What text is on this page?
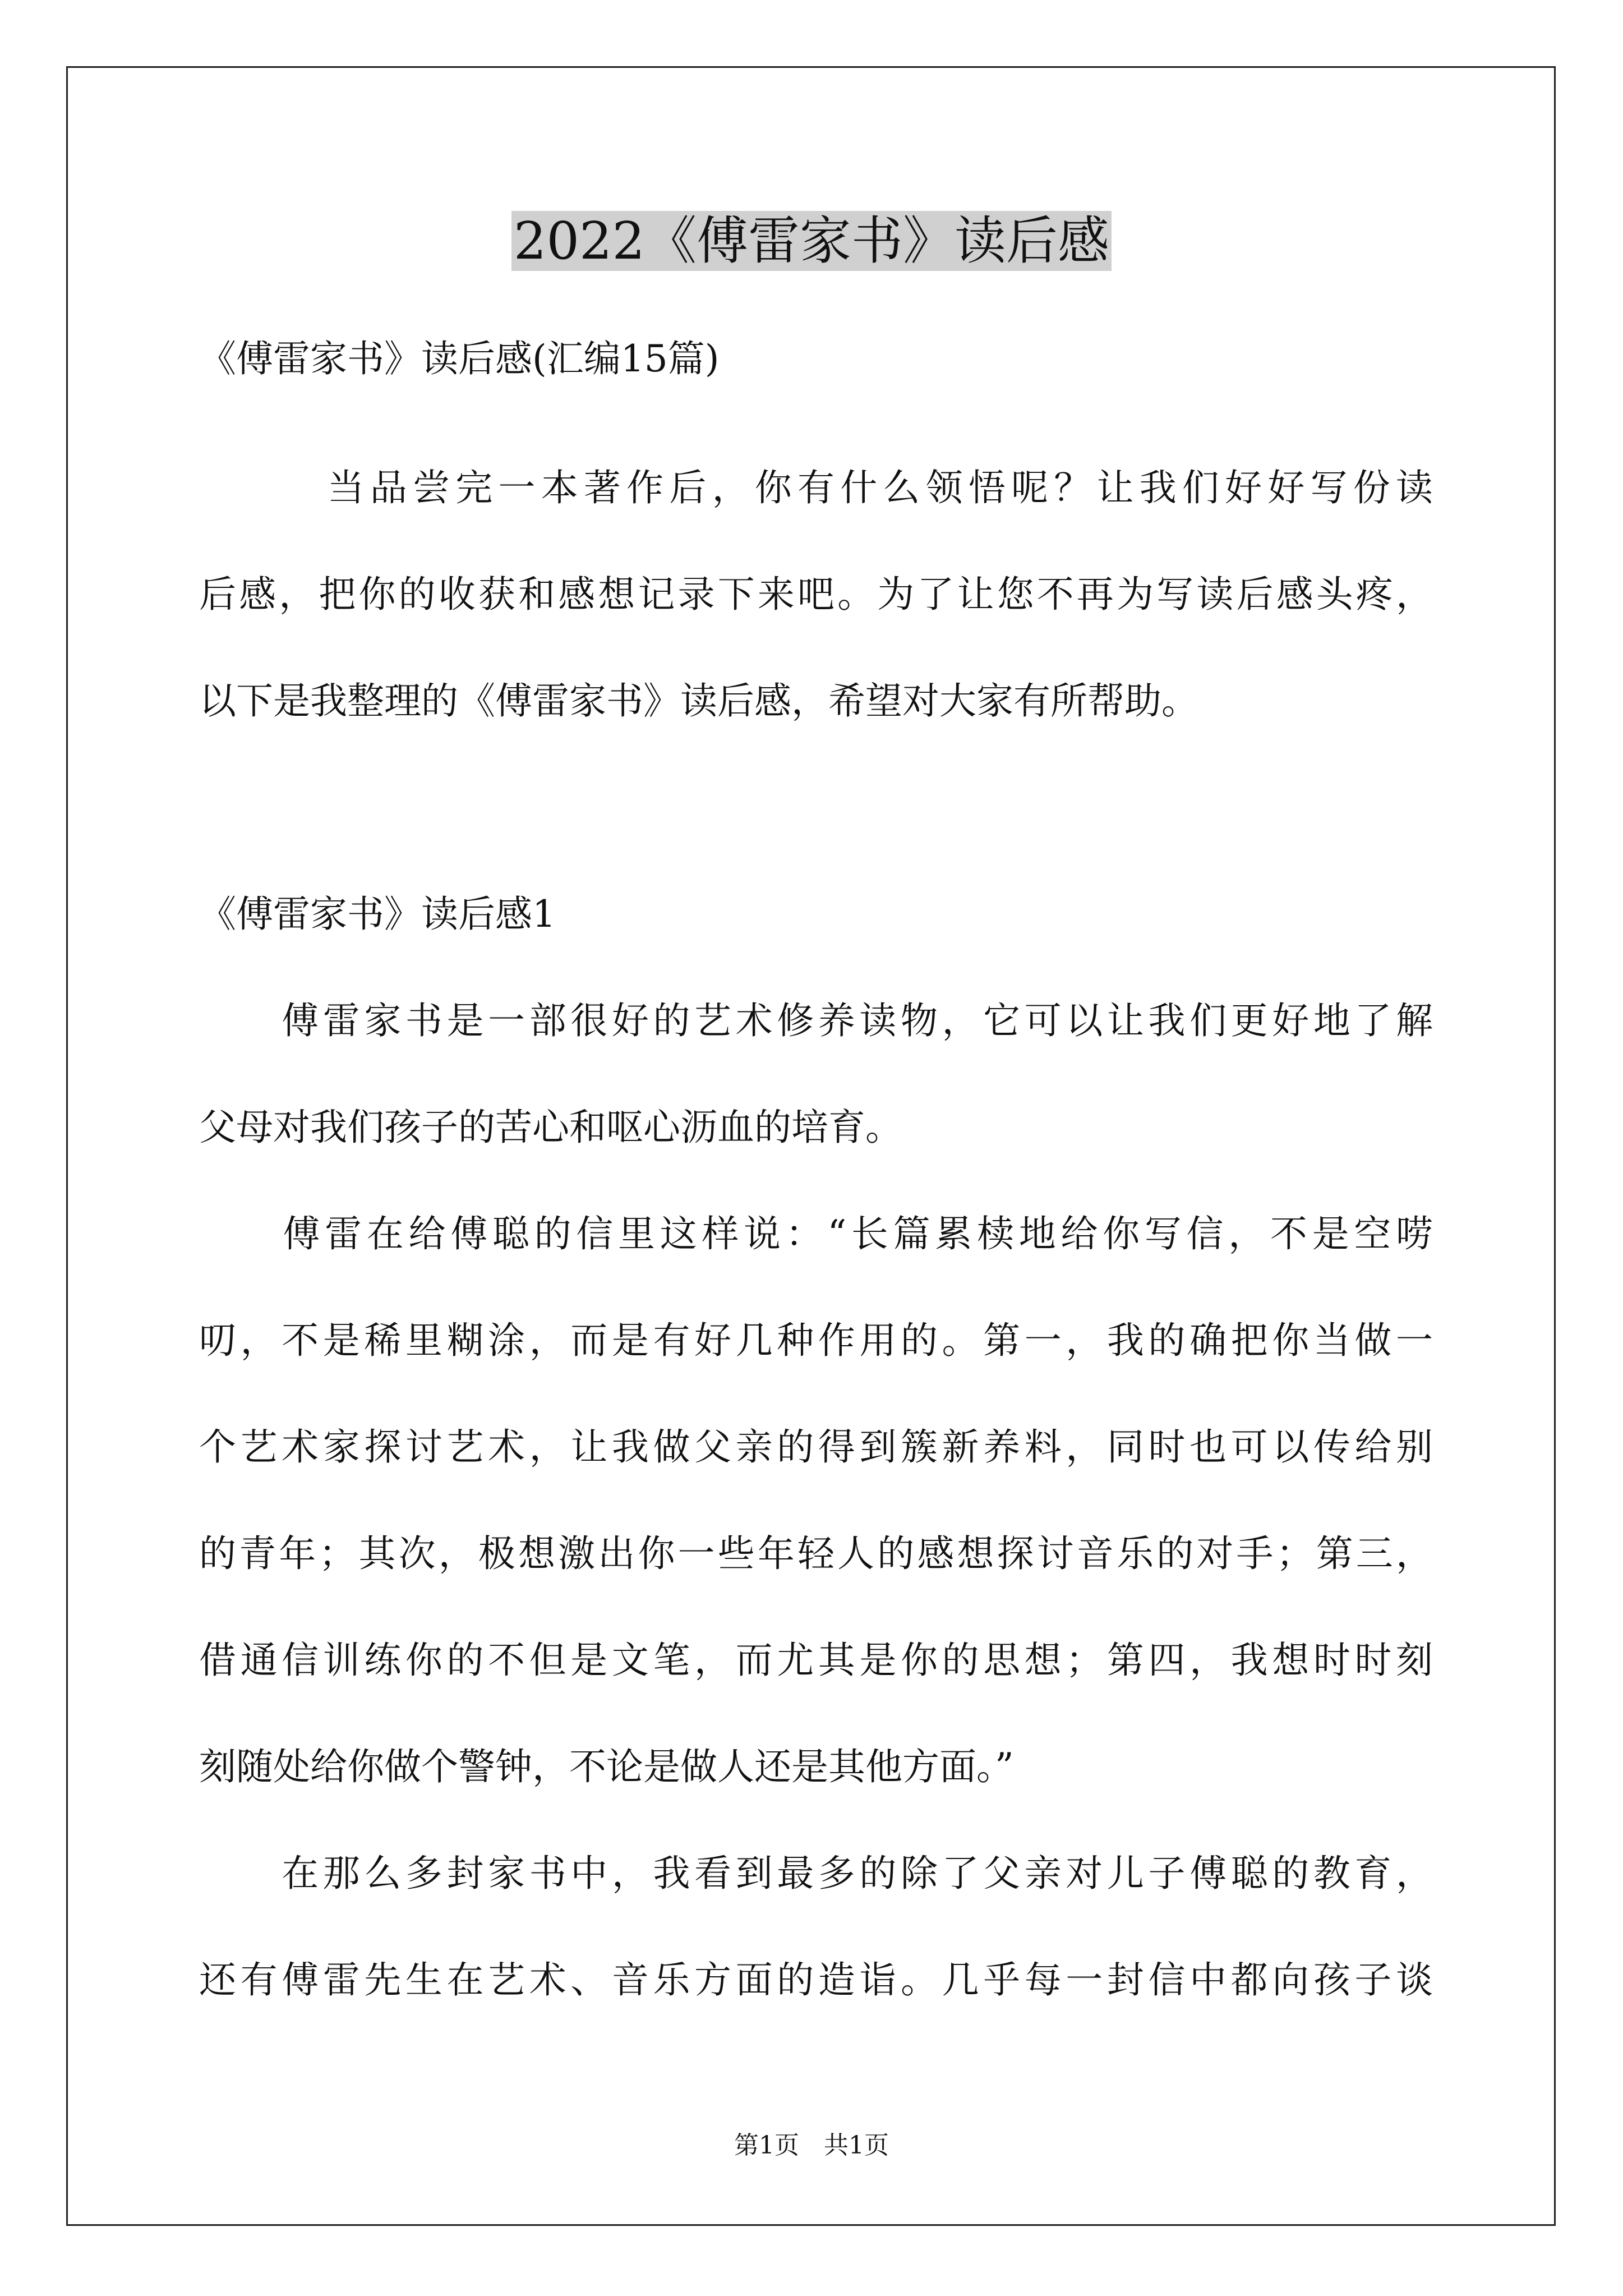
2022《傅雷家书》读后感
《傅雷家书》读后感(汇编15篇)
　　　当品尝完一本著作后，你有什么领悟呢？让我们好好写份读
后感，把你的收获和感想记录下来吧。为了让您不再为写读后感头疼，
以下是我整理的《傅雷家书》读后感，希望对大家有所帮助。
《傅雷家书》读后感1
　　傅雷家书是一部很好的艺术修养读物，它可以让我们更好地了解
父母对我们孩子的苦心和呕心沥血的培育。
　　傅雷在给傅聪的信里这样说：“长篇累椟地给你写信，不是空唠
叨，不是稀里糊涂，而是有好几种作用的。第一，我的确把你当做一
个艺术家探讨艺术，让我做父亲的得到簇新养料，同时也可以传给别
的青年；其次，极想激出你一些年轻人的感想探讨音乐的对手；第三，
借通信训练你的不但是文笔，而尤其是你的思想；第四，我想时时刻
刻随处给你做个警钟，不论是做人还是其他方面。”
　　在那么多封家书中，我看到最多的除了父亲对儿子傅聪的教育，
还有傅雷先生在艺术、音乐方面的造诣。几乎每一封信中都向孩子谈
第1页　共1页
